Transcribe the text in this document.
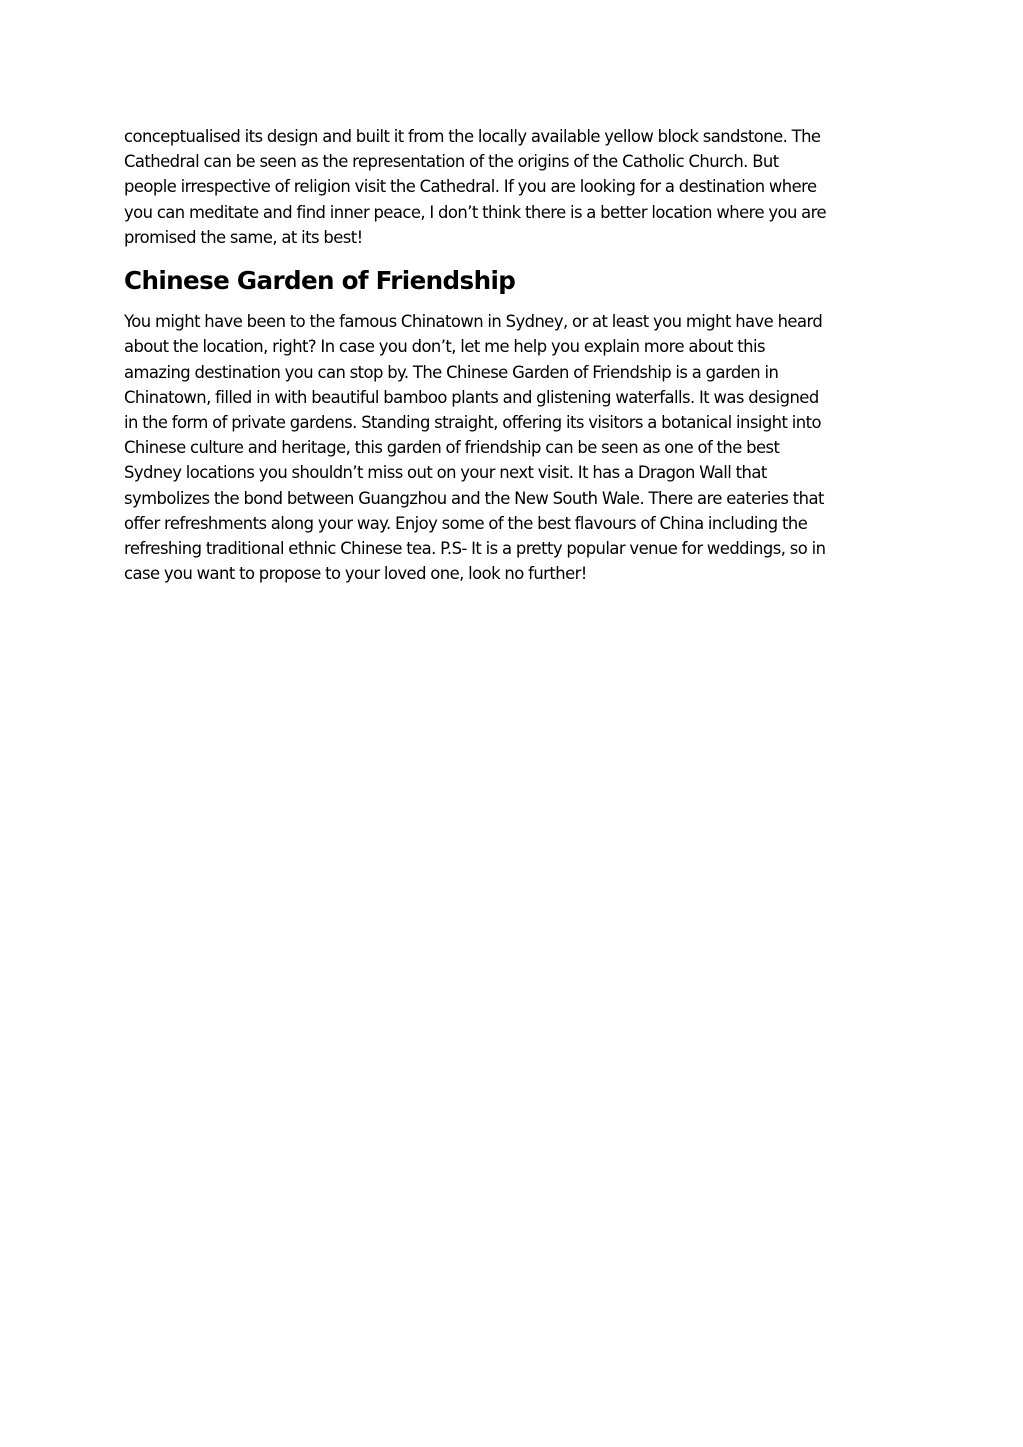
conceptualised its design and built it from the locally available yellow block sandstone. The
Cathedral can be seen as the representation of the origins of the Catholic Church. But
people irrespective of religion visit the Cathedral. If you are looking for a destination where
you can meditate and find inner peace, I don’t think there is a better location where you are
promised the same, at its best!

Chinese Garden of Friendship

You might have been to the famous Chinatown in Sydney, or at least you might have heard
about the location, right? In case you don’t, let me help you explain more about this
amazing destination you can stop by. The Chinese Garden of Friendship is a garden in
Chinatown, filled in with beautiful bamboo plants and glistening waterfalls. It was designed
in the form of private gardens. Standing straight, offering its visitors a botanical insight into
Chinese culture and heritage, this garden of friendship can be seen as one of the best
Sydney locations you shouldn’t miss out on your next visit. It has a Dragon Wall that
symbolizes the bond between Guangzhou and the New South Wale. There are eateries that
offer refreshments along your way. Enjoy some of the best flavours of China including the
refreshing traditional ethnic Chinese tea. P.S- It is a pretty popular venue for weddings, so in
case you want to propose to your loved one, look no further!
